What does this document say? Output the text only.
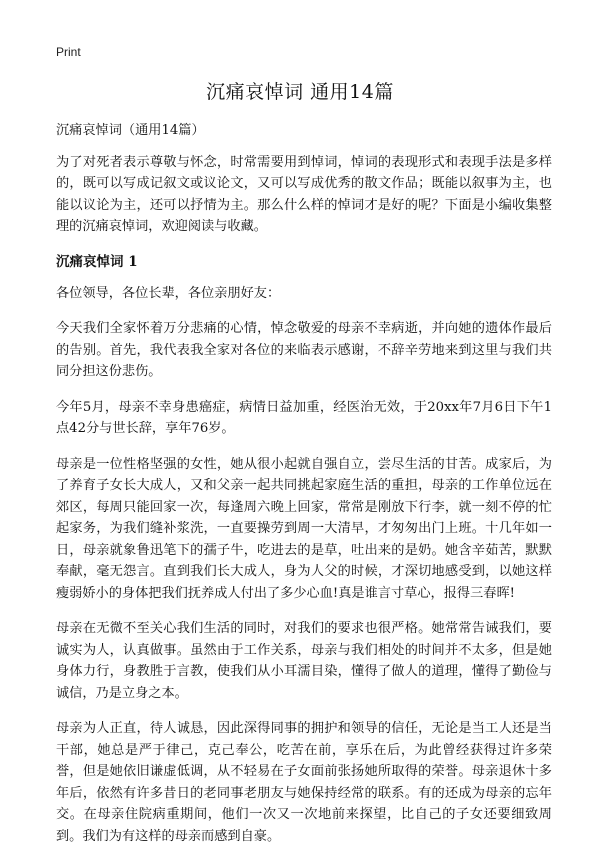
Print
沉痛哀悼词 通用14篇

沉痛哀悼词（通用14篇）

为了对死者表示尊敬与怀念，时常需要用到悼词，悼词的表现形式和表现手法是多样的，既可以写成记叙文或议论文，又可以写成优秀的散文作品；既能以叙事为主，也能以议论为主，还可以抒情为主。那么什么样的悼词才是好的呢？下面是小编收集整理的沉痛哀悼词，欢迎阅读与收藏。

沉痛哀悼词 1

各位领导，各位长辈，各位亲朋好友：

今天我们全家怀着万分悲痛的心情，悼念敬爱的母亲不幸病逝，并向她的遗体作最后的告别。首先，我代表我全家对各位的来临表示感谢，不辞辛劳地来到这里与我们共同分担这份悲伤。

今年5月，母亲不幸身患癌症，病情日益加重，经医治无效，于20xx年7月6日下午1点42分与世长辞，享年76岁。

母亲是一位性格坚强的女性，她从很小起就自强自立，尝尽生活的甘苦。成家后，为了养育子女长大成人，又和父亲一起共同挑起家庭生活的重担，母亲的工作单位远在郊区，每周只能回家一次，每逢周六晚上回家，常常是刚放下行李，就一刻不停的忙起家务，为我们缝补浆洗，一直要操劳到周一大清早，才匆匆出门上班。十几年如一日，母亲就象鲁迅笔下的孺子牛，吃进去的是草，吐出来的是奶。她含辛茹苦，默默奉献，毫无怨言。直到我们长大成人，身为人父的时候，才深切地感受到，以她这样瘦弱娇小的身体把我们抚养成人付出了多少心血!真是谁言寸草心，报得三春晖!

母亲在无微不至关心我们生活的同时，对我们的要求也很严格。她常常告诫我们，要诚实为人，认真做事。虽然由于工作关系，母亲与我们相处的时间并不太多，但是她身体力行，身教胜于言教，使我们从小耳濡目染，懂得了做人的道理，懂得了勤俭与诚信，乃是立身之本。

母亲为人正直，待人诚恳，因此深得同事的拥护和领导的信任，无论是当工人还是当干部，她总是严于律己，克己奉公，吃苦在前，享乐在后，为此曾经获得过许多荣誉，但是她依旧谦虚低调，从不轻易在子女面前张扬她所取得的荣誉。母亲退休十多年后，依然有许多昔日的老同事老朋友与她保持经常的联系。有的还成为母亲的忘年交。在母亲住院病重期间，他们一次又一次地前来探望，比自己的子女还要细致周到。我们为有这样的母亲而感到自豪。
